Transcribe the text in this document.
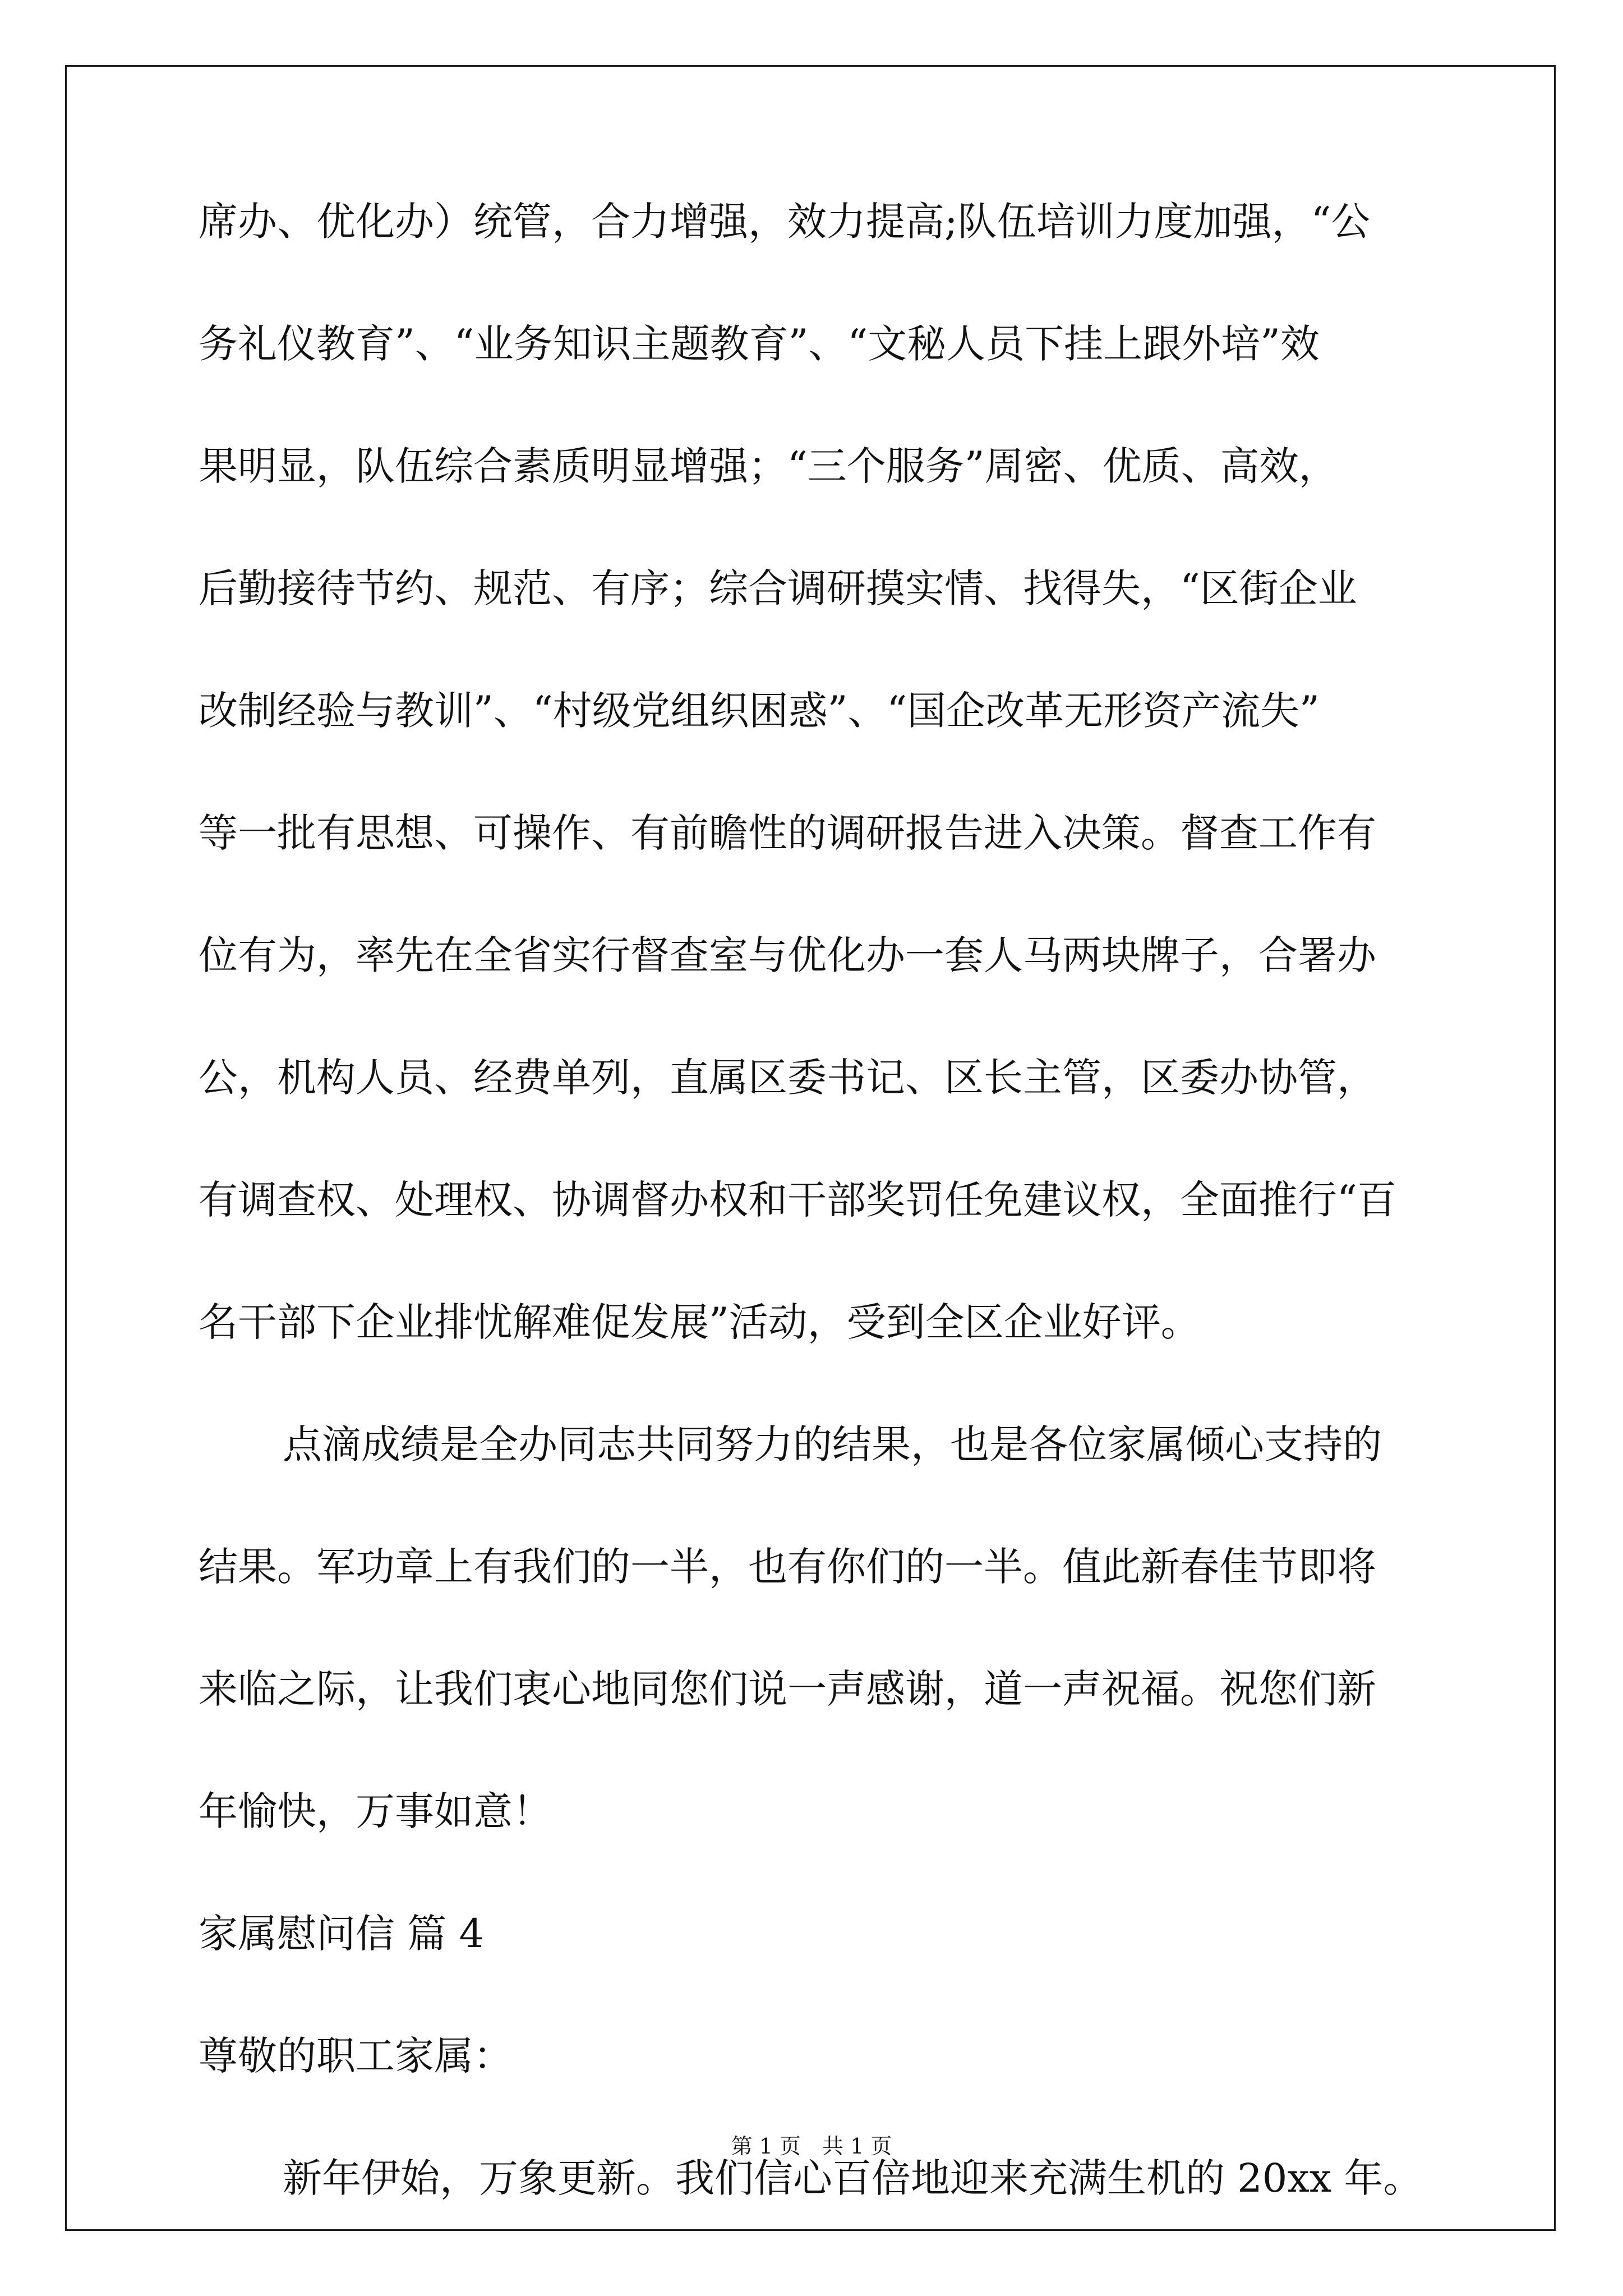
席办、优化办）统管，合力增强，效力提高;队伍培训力度加强，“公
务礼仪教育”、“业务知识主题教育”、“文秘人员下挂上跟外培”效
果明显，队伍综合素质明显增强；“三个服务”周密、优质、高效，
后勤接待节约、规范、有序；综合调研摸实情、找得失，“区街企业
改制经验与教训”、“村级党组织困惑”、“国企改革无形资产流失”
等一批有思想、可操作、有前瞻性的调研报告进入决策。督查工作有
位有为，率先在全省实行督查室与优化办一套人马两块牌子，合署办
公，机构人员、经费单列，直属区委书记、区长主管，区委办协管，
有调查权、处理权、协调督办权和干部奖罚任免建议权，全面推行“百
名干部下企业排忧解难促发展”活动，受到全区企业好评。
点滴成绩是全办同志共同努力的结果，也是各位家属倾心支持的
结果。军功章上有我们的一半，也有你们的一半。值此新春佳节即将
来临之际，让我们衷心地同您们说一声感谢，道一声祝福。祝您们新
年愉快，万事如意！
家属慰问信 篇 4
尊敬的职工家属：
新年伊始，万象更新。我们信心百倍地迎来充满生机的 20xx 年。
第 1 页　共 1 页
